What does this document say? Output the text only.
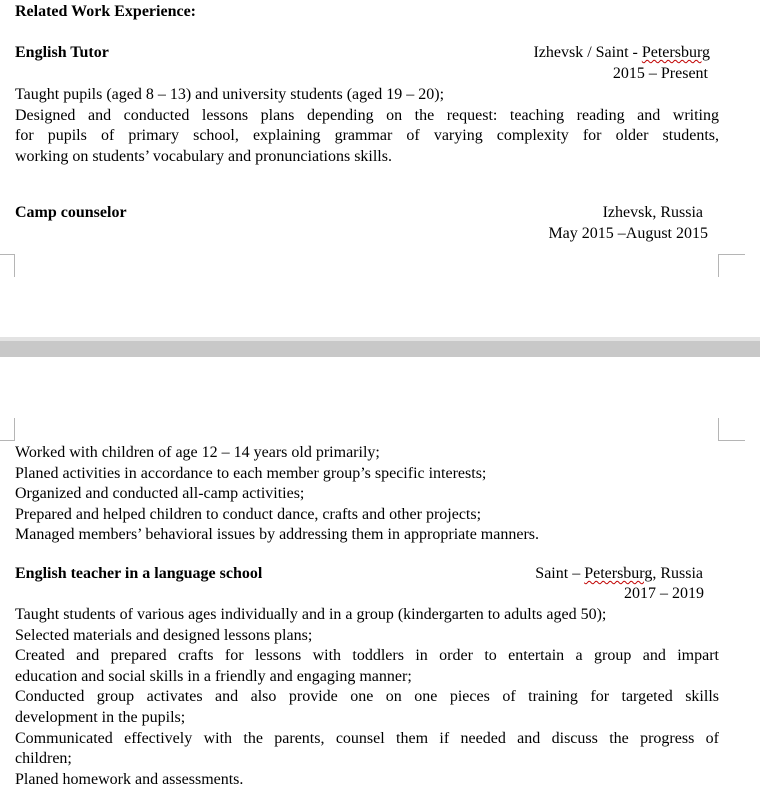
Related Work Experience:
English Tutor	Izhevsk / Saint - Petersburg
2015 – Present
Taught pupils (aged 8 – 13) and university students (aged 19 – 20);
Designed and conducted lessons plans depending on the request: teaching reading and writing
for pupils of primary school, explaining grammar of varying complexity for older students,
working on students’ vocabulary and pronunciations skills.
Camp counselor	Izhevsk, Russia
May 2015 –August 2015
Worked with children of age 12 – 14 years old primarily;
Planed activities in accordance to each member group’s specific interests;
Organized and conducted all-camp activities;
Prepared and helped children to conduct dance, crafts and other projects;
Managed members’ behavioral issues by addressing them in appropriate manners.
English teacher in a language school	Saint – Petersburg, Russia
2017 – 2019
Taught students of various ages individually and in a group (kindergarten to adults aged 50);
Selected materials and designed lessons plans;
Created and prepared crafts for lessons with toddlers in order to entertain a group and impart
education and social skills in a friendly and engaging manner;
Conducted group activates and also provide one on one pieces of training for targeted skills
development in the pupils;
Communicated effectively with the parents, counsel them if needed and discuss the progress of
children;
Planed homework and assessments.
